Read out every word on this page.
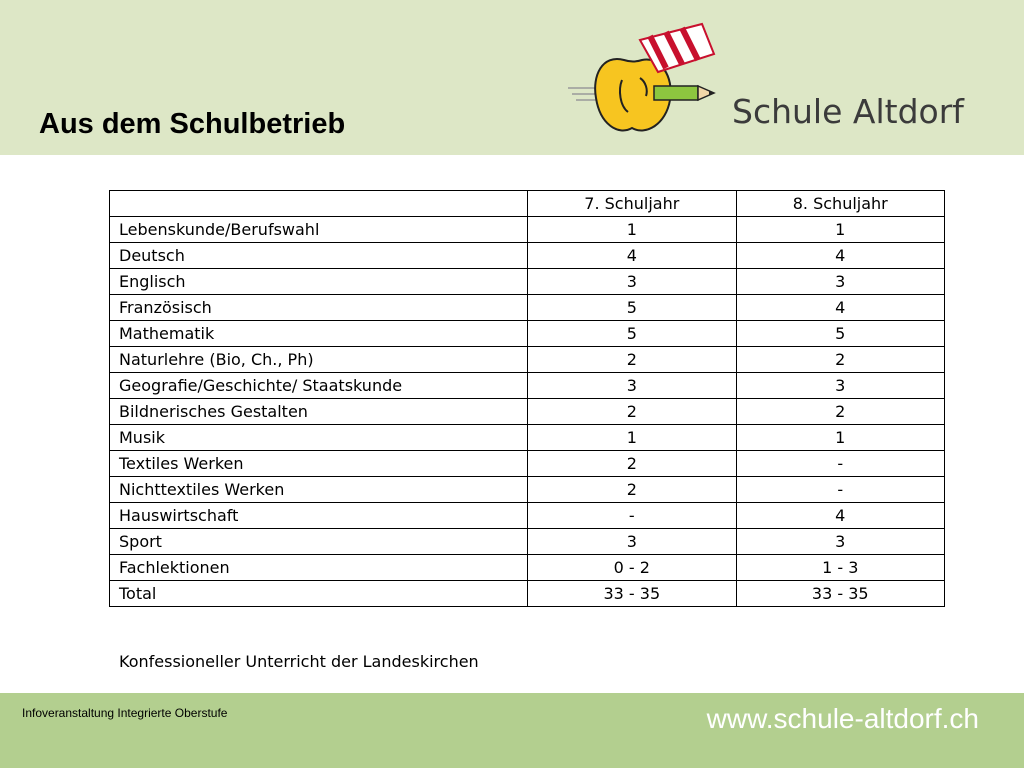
Aus dem Schulbetrieb	Schule Altdorf
	7. Schuljahr	8. Schuljahr
Lebenskunde/Berufswahl	1	1
Deutsch	4	4
Englisch	3	3
Französisch	5	4
Mathematik	5	5
Naturlehre (Bio, Ch., Ph)	2	2
Geografie/Geschichte/ Staatskunde	3	3
Bildnerisches Gestalten	2	2
Musik	1	1
Textiles Werken	2	-
Nichttextiles Werken	2	-
Hauswirtschaft	-	4
Sport	3	3
Fachlektionen	0 - 2	1 - 3
Total	33 - 35	33 - 35
Konfessioneller Unterricht der Landeskirchen
Infoveranstaltung Integrierte Oberstufe	www.schule-altdorf.ch
